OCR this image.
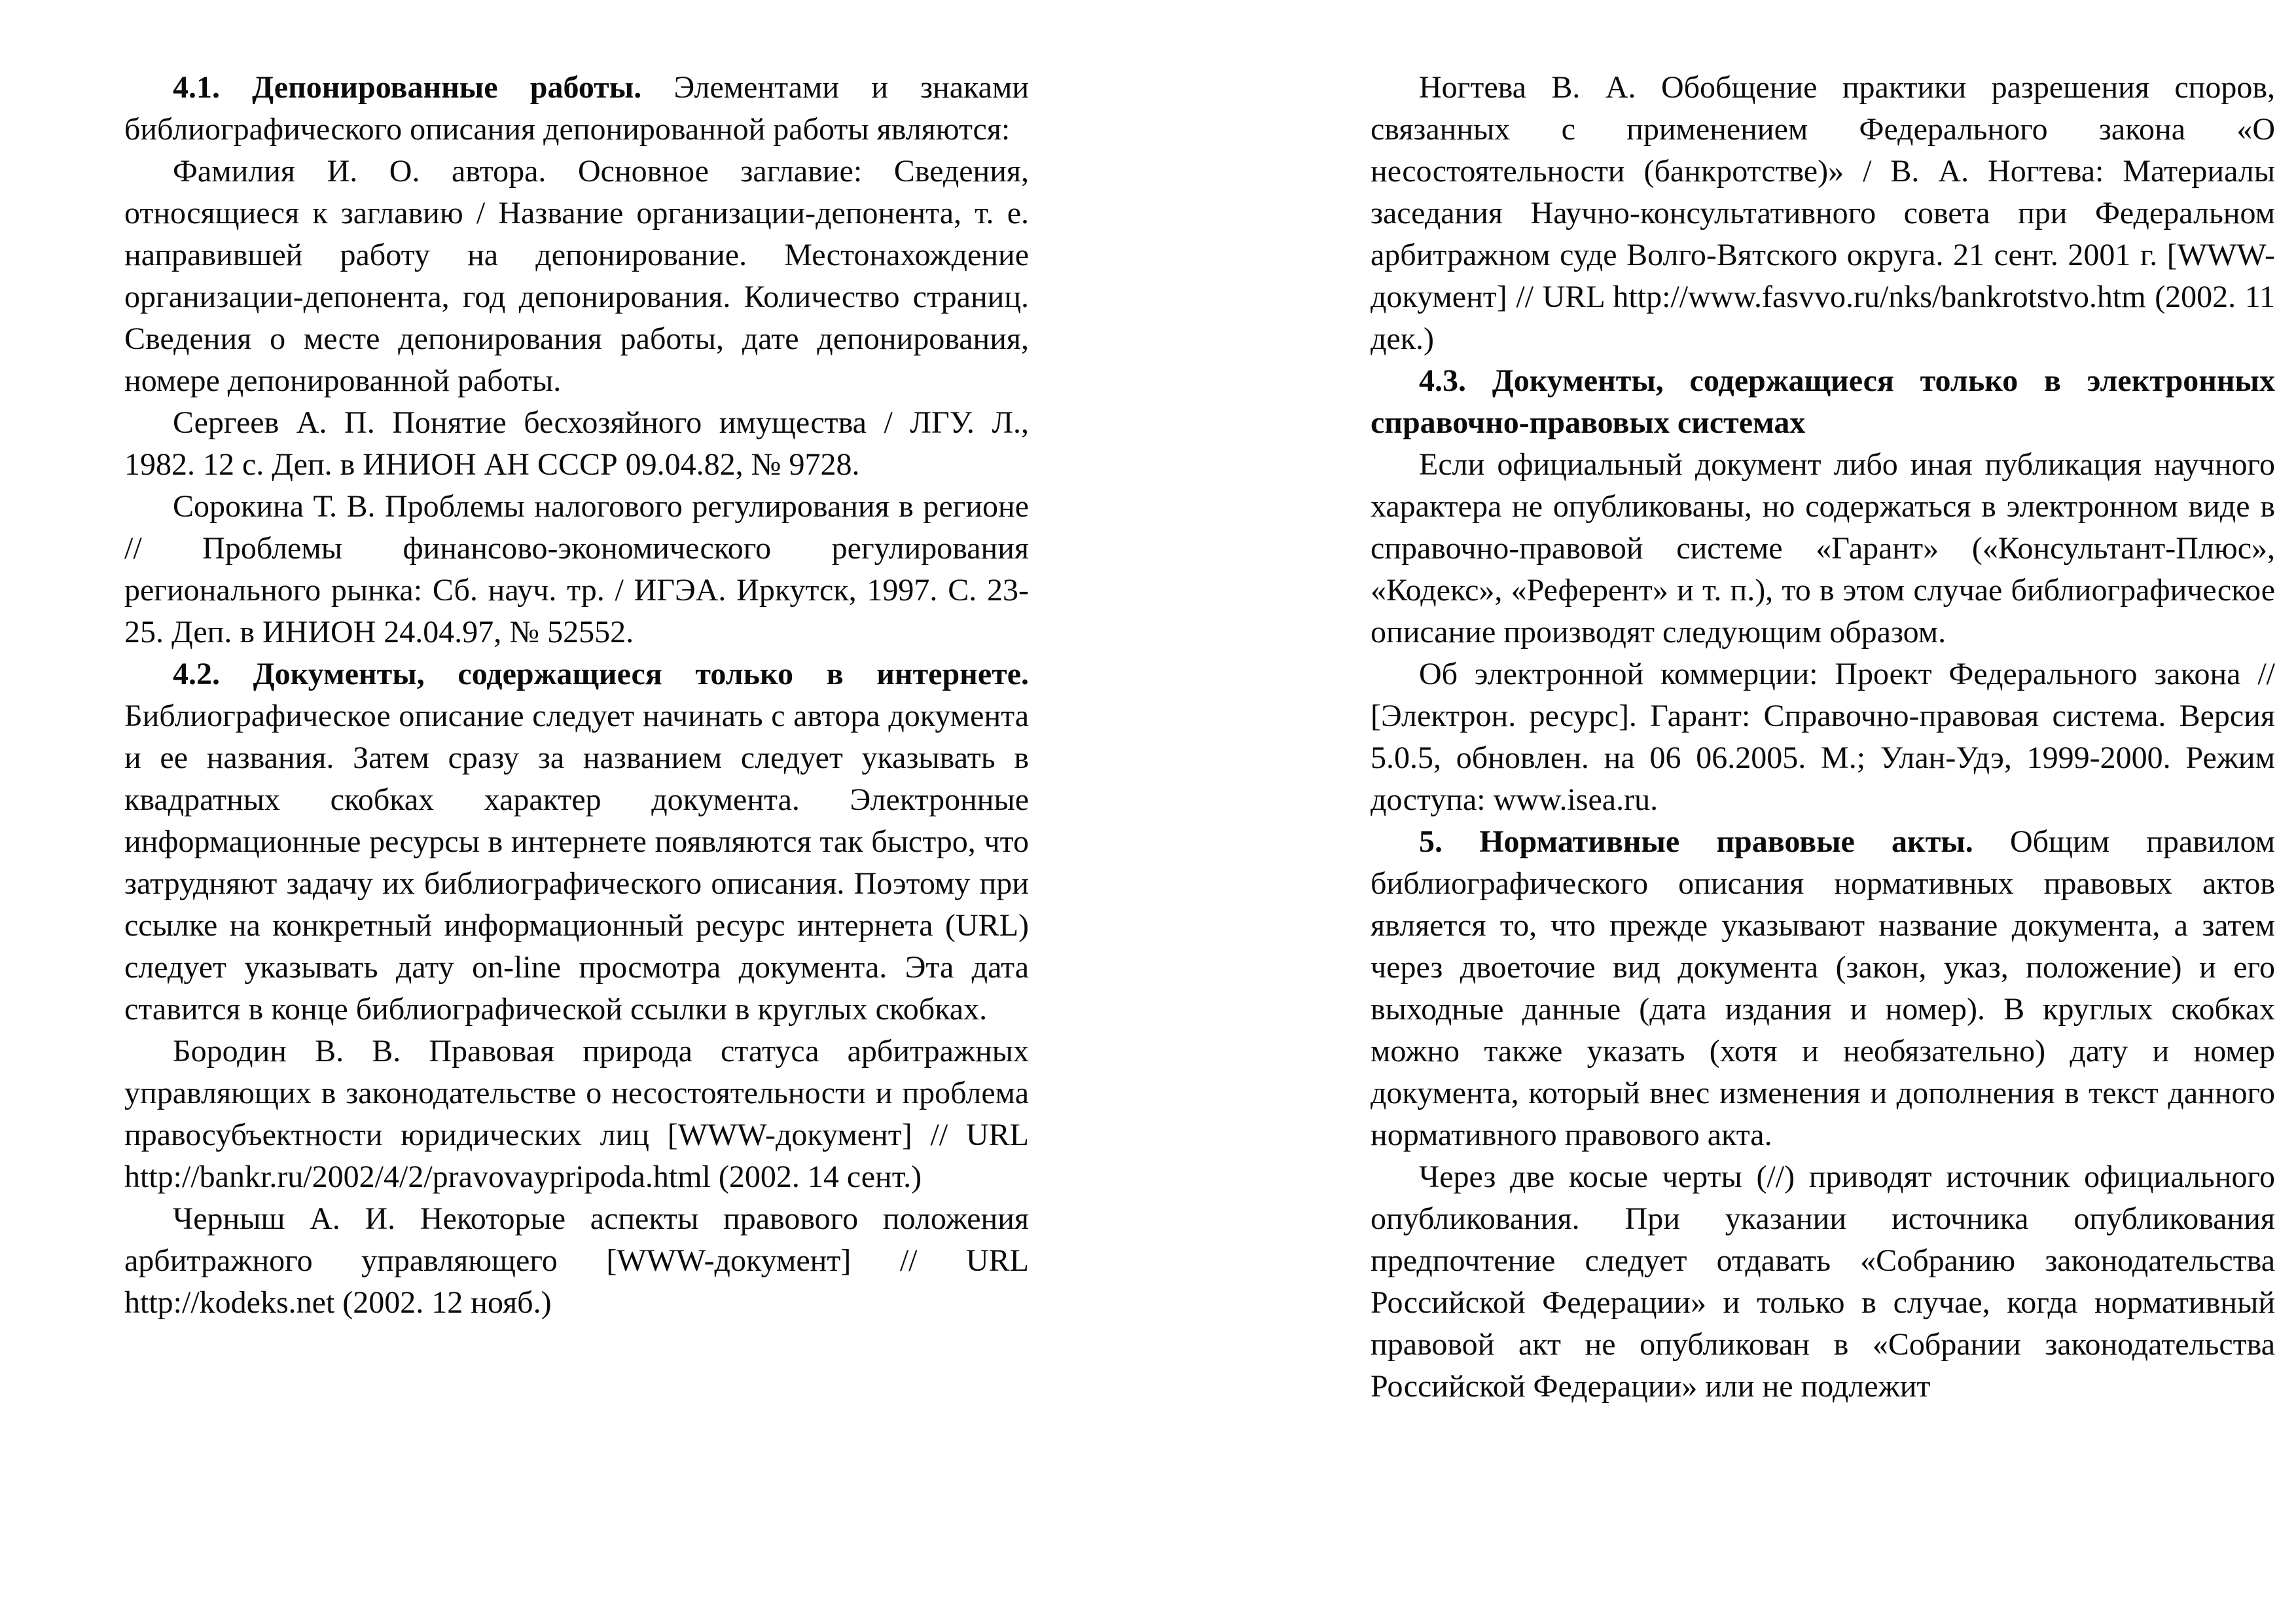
4.1. Депонированные работы. Элементами и знаками библиографического описания депонированной работы являются:

Фамилия И. О. автора. Основное заглавие: Сведения, относящиеся к заглавию / Название организации-депонента, т. е. направившей работу на депонирование. Местонахождение организации-депонента, год депонирования. Количество страниц. Сведения о месте депонирования работы, дате депонирования, номере депонированной работы.

Сергеев А. П. Понятие бесхозяйного имущества / ЛГУ. Л., 1982. 12 с. Деп. в ИНИОН АН СССР 09.04.82, № 9728.

Сорокина Т. В. Проблемы налогового регулирования в регионе // Проблемы финансово-экономического регулирования регионального рынка: Сб. науч. тр. / ИГЭА. Иркутск, 1997. С. 23-25. Деп. в ИНИОН 24.04.97, № 52552.

4.2. Документы, содержащиеся только в интернете. Библиографическое описание следует начинать с автора документа и ее названия. Затем сразу за названием следует указывать в квадратных скобках характер документа. Электронные информационные ресурсы в интернете появляются так быстро, что затрудняют задачу их библиографического описания. Поэтому при ссылке на конкретный информационный ресурс интернета (URL) следует указывать дату on-line просмотра документа. Эта дата ставится в конце библиографической ссылки в круглых скобках.

Бородин В. В. Правовая природа статуса арбитражных управляющих в законодательстве о несостоятельности и проблема правосубъектности юридических лиц [WWW-документ] // URL http://bankr.ru/2002/4/2/pravovaypripoda.html (2002. 14 сент.)

Черныш А. И. Некоторые аспекты правового положения арбитражного управляющего [WWW-документ] // URL http://kodeks.net (2002. 12 нояб.)

Ногтева В. А. Обобщение практики разрешения споров, связанных с применением Федерального закона «О несостоятельности (банкротстве)» / В. А. Ногтева: Материалы заседания Научно-консультативного совета при Федеральном арбитражном суде Волго-Вятского округа. 21 сент. 2001 г. [WWW-документ] // URL http://www.fasvvo.ru/nks/bankrotstvo.htm (2002. 11 дек.)

4.3. Документы, содержащиеся только в электронных справочно-правовых системах

Если официальный документ либо иная публикация научного характера не опубликованы, но содержаться в электронном виде в справочно-правовой системе «Гарант» («Консультант-Плюс», «Кодекс», «Референт» и т. п.), то в этом случае библиографическое описание производят следующим образом.

Об электронной коммерции: Проект Федерального закона // [Электрон. ресурс]. Гарант: Справочно-правовая система. Версия 5.0.5, обновлен. на 06 06.2005. М.; Улан-Удэ, 1999-2000. Режим доступа: www.isea.ru.

5. Нормативные правовые акты. Общим правилом библиографического описания нормативных правовых актов является то, что прежде указывают название документа, а затем через двоеточие вид документа (закон, указ, положение) и его выходные данные (дата издания и номер). В круглых скобках можно также указать (хотя и необязательно) дату и номер документа, который внес изменения и дополнения в текст данного нормативного правового акта.

Через две косые черты (//) приводят источник официального опубликования. При указании источника опубликования предпочтение следует отдавать «Собранию законодательства Российской Федерации» и только в случае, когда нормативный правовой акт не опубликован в «Собрании законодательства Российской Федерации» или не подлежит
